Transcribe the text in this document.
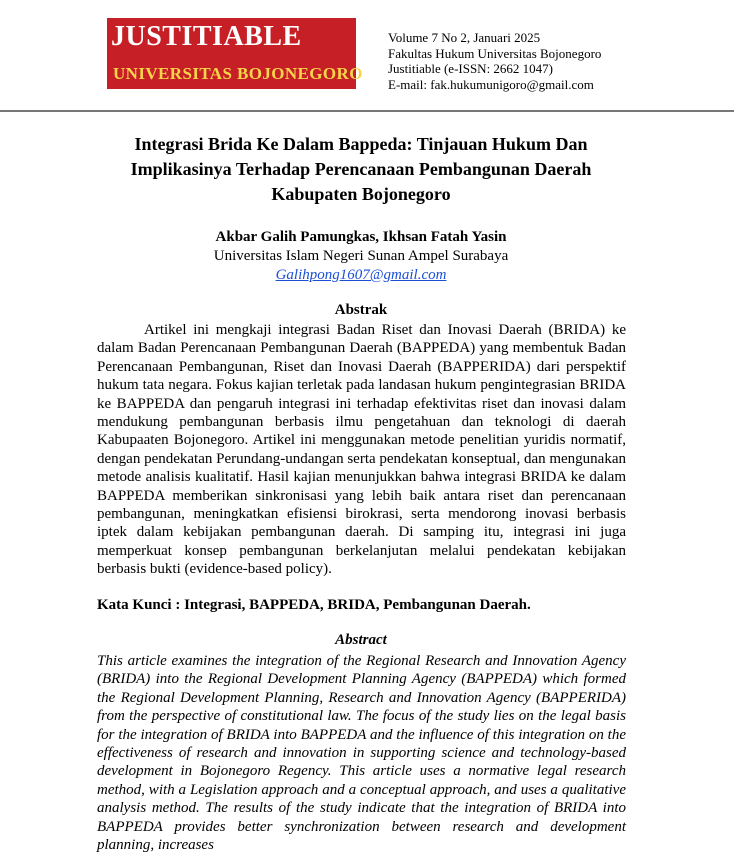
JUSTITIABLE
UNIVERSITAS BOJONEGORO
Volume 7 No 2, Januari 2025
Fakultas Hukum Universitas Bojonegoro
Justitiable (e-ISSN: 2662 1047)
E-mail: fak.hukumunigoro@gmail.com
Integrasi Brida Ke Dalam Bappeda: Tinjauan Hukum Dan Implikasinya Terhadap Perencanaan Pembangunan Daerah Kabupaten Bojonegoro
Akbar Galih Pamungkas, Ikhsan Fatah Yasin
Universitas Islam Negeri Sunan Ampel Surabaya
Galihpong1607@gmail.com
Abstrak
Artikel ini mengkaji integrasi Badan Riset dan Inovasi Daerah (BRIDA) ke dalam Badan Perencanaan Pembangunan Daerah (BAPPEDA) yang membentuk Badan Perencanaan Pembangunan, Riset dan Inovasi Daerah (BAPPERIDA) dari perspektif hukum tata negara. Fokus kajian terletak pada landasan hukum pengintegrasian BRIDA ke BAPPEDA dan pengaruh integrasi ini terhadap efektivitas riset dan inovasi dalam mendukung pembangunan berbasis ilmu pengetahuan dan teknologi di daerah Kabupaaten Bojonegoro. Artikel ini menggunakan metode penelitian yuridis normatif, dengan pendekatan Perundang-undangan serta pendekatan konseptual, dan mengunakan metode analisis kualitatif. Hasil kajian menunjukkan bahwa integrasi BRIDA ke dalam BAPPEDA memberikan sinkronisasi yang lebih baik antara riset dan perencanaan pembangunan, meningkatkan efisiensi birokrasi, serta mendorong inovasi berbasis iptek dalam kebijakan pembangunan daerah. Di samping itu, integrasi ini juga memperkuat konsep pembangunan berkelanjutan melalui pendekatan kebijakan berbasis bukti (evidence-based policy).
Kata Kunci : Integrasi, BAPPEDA, BRIDA, Pembangunan Daerah.
Abstract
This article examines the integration of the Regional Research and Innovation Agency (BRIDA) into the Regional Development Planning Agency (BAPPEDA) which formed the Regional Development Planning, Research and Innovation Agency (BAPPERIDA) from the perspective of constitutional law. The focus of the study lies on the legal basis for the integration of BRIDA into BAPPEDA and the influence of this integration on the effectiveness of research and innovation in supporting science and technology-based development in Bojonegoro Regency. This article uses a normative legal research method, with a Legislation approach and a conceptual approach, and uses a qualitative analysis method. The results of the study indicate that the integration of BRIDA into BAPPEDA provides better synchronization between research and development planning, increases
